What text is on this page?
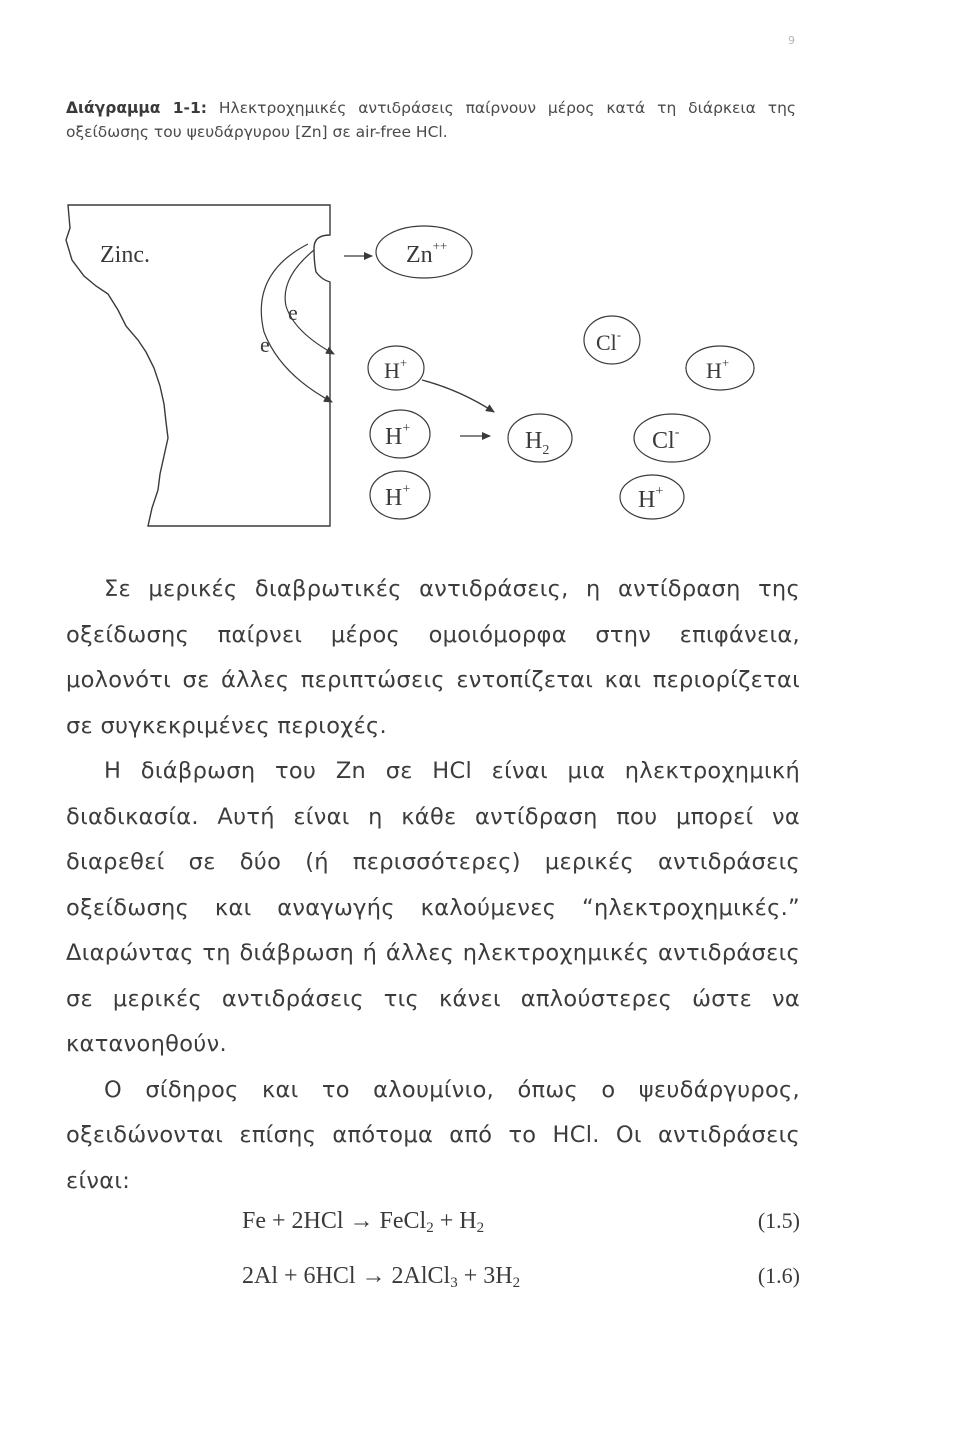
9
Διάγραμμα 1-1: Ηλεκτροχημικές αντιδράσεις παίρνουν μέρος κατά τη διάρκεια της οξείδωσης του ψευδάργυρου [Zn] σε air-free HCl.
Zinc.
e
e
Zn++
H+
H+
H+
$H_2$
Cl-
H+
Cl-
H+

Σε μερικές διαβρωτικές αντιδράσεις, η αντίδραση της οξείδωσης παίρνει μέρος ομοιόμορφα στην επιφάνεια, μολονότι σε άλλες περιπτώσεις εντοπίζεται και περιορίζεται σε συγκεκριμένες περιοχές.

Η διάβρωση του Zn σε HCl είναι μια ηλεκτροχημική διαδικασία. Αυτή είναι η κάθε αντίδραση που μπορεί να διαρεθεί σε δύο (ή περισσότερες) μερικές αντιδράσεις οξείδωσης και αναγωγής καλούμενες “ηλεκτροχημικές.” Διαρώντας τη διάβρωση ή άλλες ηλεκτροχημικές αντιδράσεις σε μερικές αντιδράσεις τις κάνει απλούστερες ώστε να κατανοηθούν.

Ο σίδηρος και το αλουμίνιο, όπως ο ψευδάργυρος, οξειδώνονται επίσης απότομα από το HCl. Οι αντιδράσεις είναι:

Fe + 2HCl → FeCl$_2$ + $H_2$	(1.5)
2Al + 6HCl → 2AlCl$_3$ + $3H_2$	(1.6)
